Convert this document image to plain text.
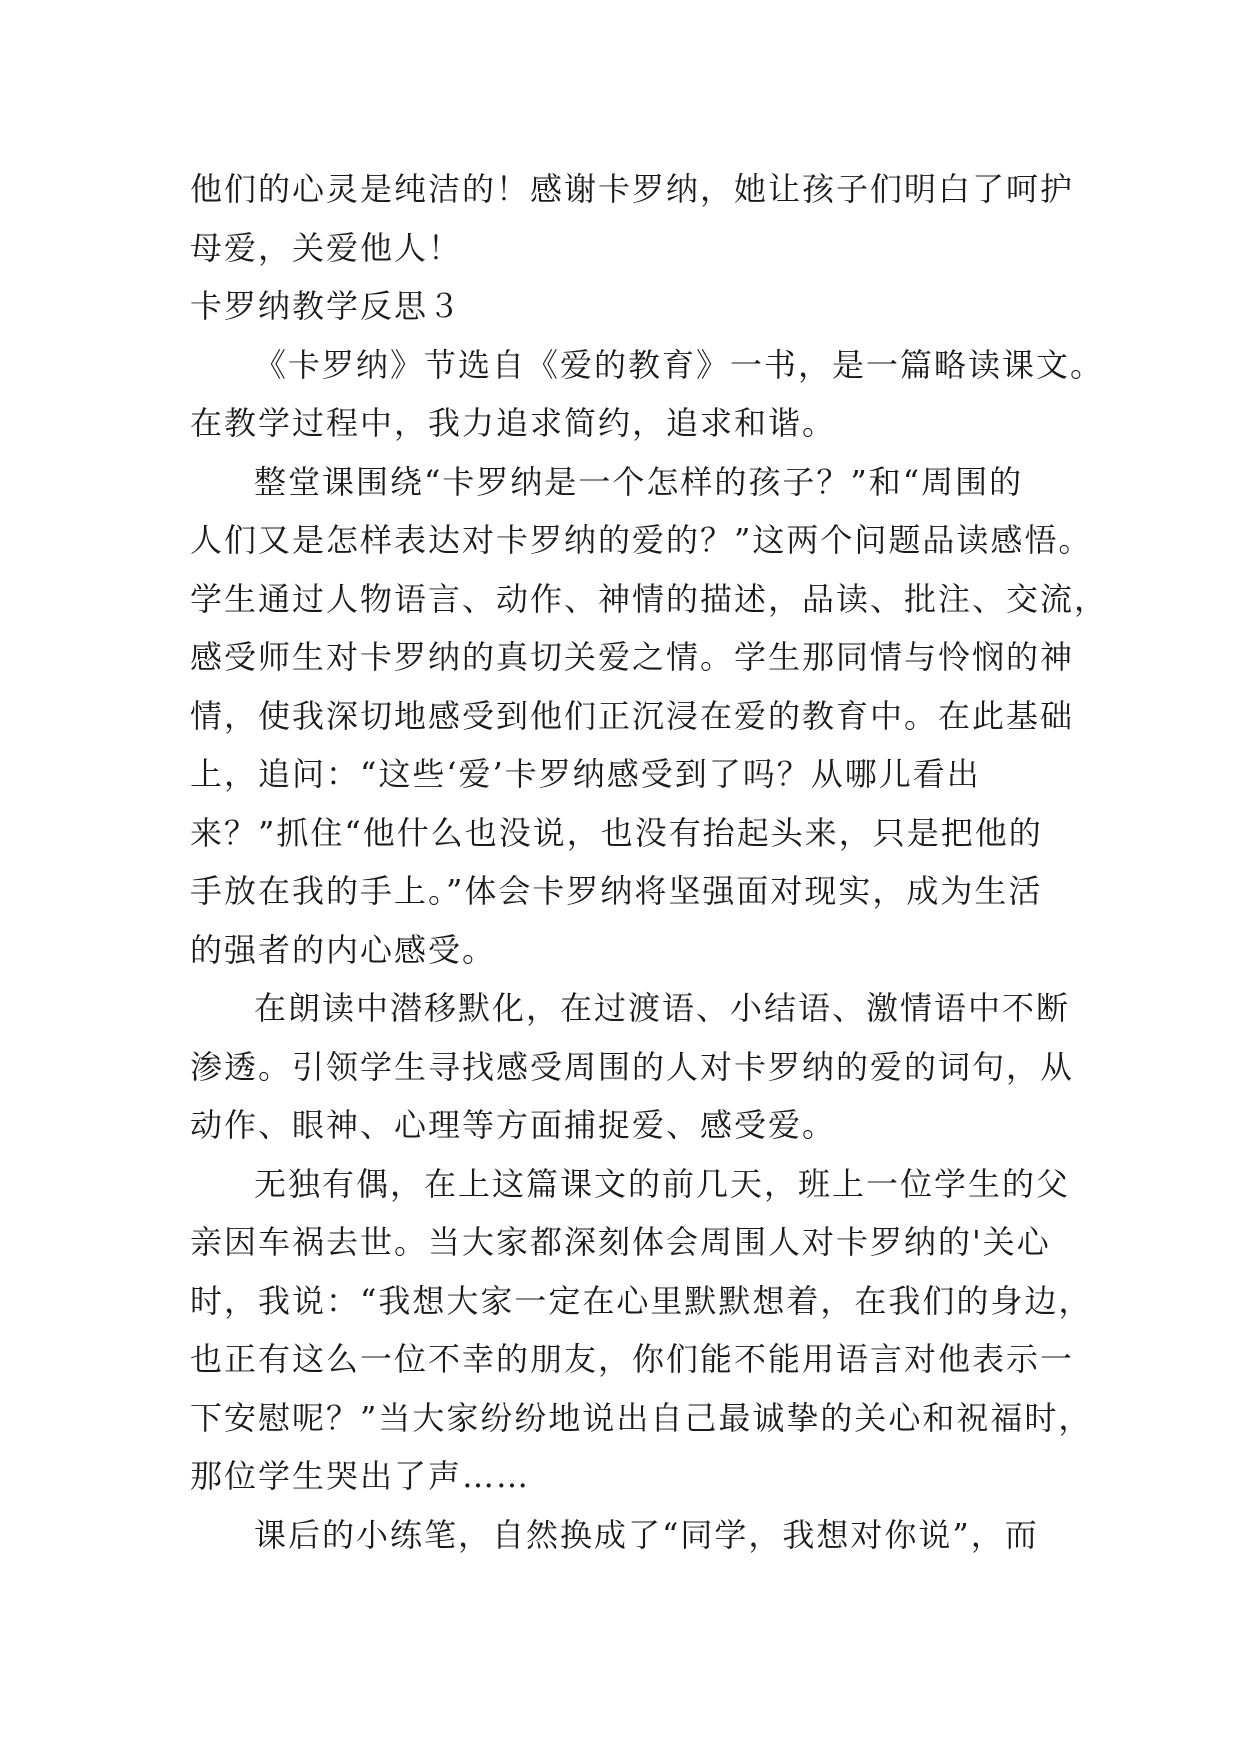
他们的心灵是纯洁的！感谢卡罗纳，她让孩子们明白了呵护
母爱，关爱他人！
卡罗纳教学反思３
《卡罗纳》节选自《爱的教育》一书，是一篇略读课文。
在教学过程中，我力追求简约，追求和谐。
整堂课围绕“卡罗纳是一个怎样的孩子？”和“周围的
人们又是怎样表达对卡罗纳的爱的？”这两个问题品读感悟。
学生通过人物语言、动作、神情的描述，品读、批注、交流，
感受师生对卡罗纳的真切关爱之情。学生那同情与怜悯的神
情，使我深切地感受到他们正沉浸在爱的教育中。在此基础
上，追问：“这些‘爱’卡罗纳感受到了吗？从哪儿看出
来？”抓住“他什么也没说，也没有抬起头来，只是把他的
手放在我的手上。”体会卡罗纳将坚强面对现实，成为生活
的强者的内心感受。
在朗读中潜移默化，在过渡语、小结语、激情语中不断
渗透。引领学生寻找感受周围的人对卡罗纳的爱的词句，从
动作、眼神、心理等方面捕捉爱、感受爱。
无独有偶，在上这篇课文的前几天，班上一位学生的父
亲因车祸去世。当大家都深刻体会周围人对卡罗纳的'关心
时，我说：“我想大家一定在心里默默想着，在我们的身边，
也正有这么一位不幸的朋友，你们能不能用语言对他表示一
下安慰呢？”当大家纷纷地说出自己最诚挚的关心和祝福时，
那位学生哭出了声……
课后的小练笔，自然换成了“同学，我想对你说”，而
